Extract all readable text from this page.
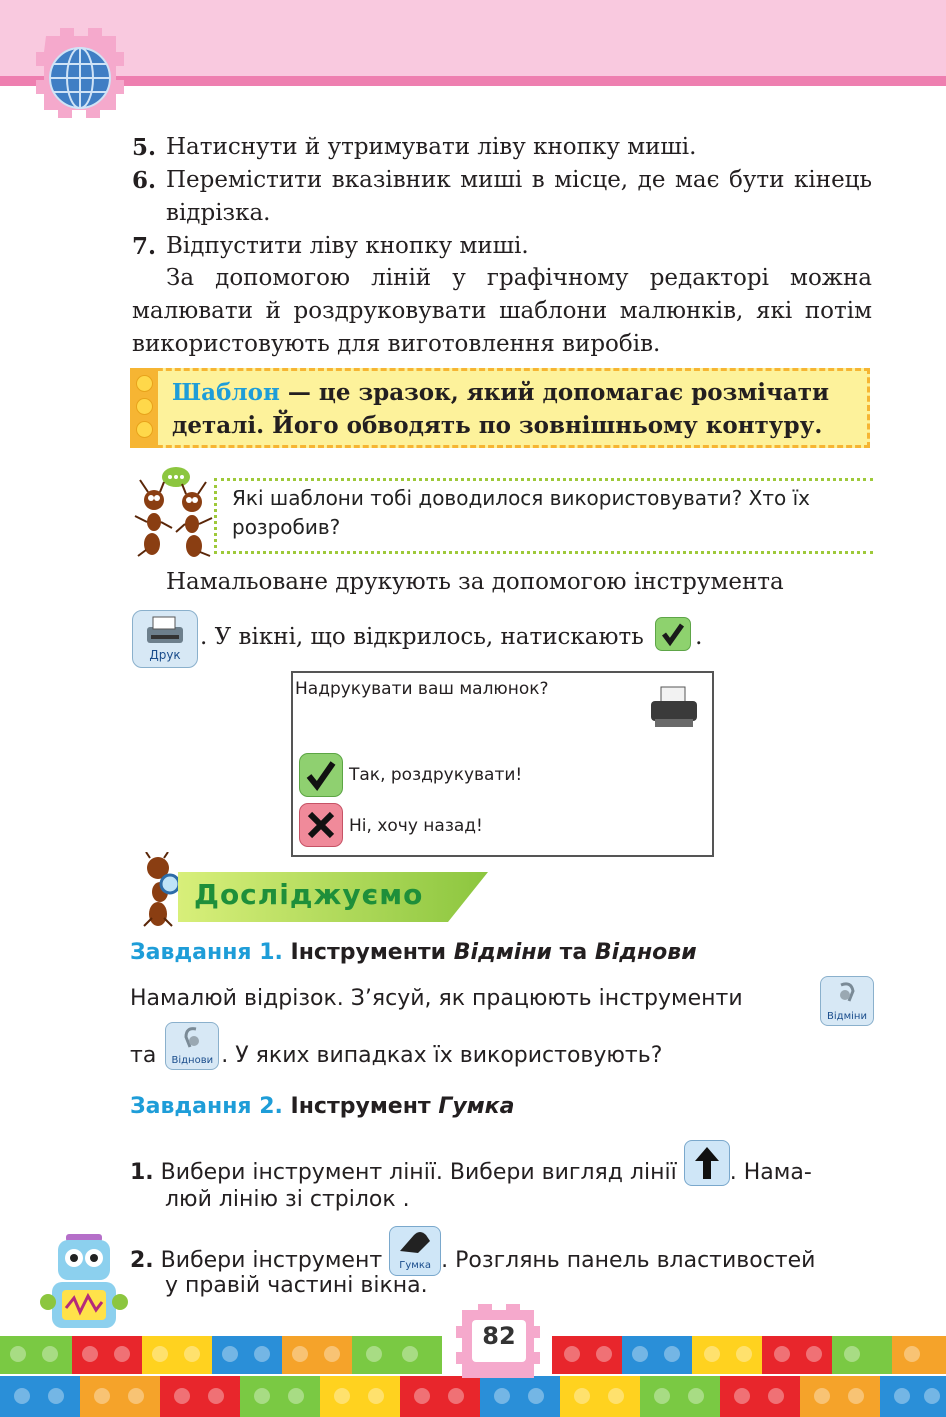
5. Натиснути й утримувати ліву кнопку миші.
6. Перемістити вказівник миші в місце, де має бути кінець відрізка.
7. Відпустити ліву кнопку миші.
За допомогою ліній у графічному редакторі можна малювати й роздруковувати шаблони малюнків, які потім використовують для виготовлення виробів.
Шаблон — це зразок, який допомагає розмічати деталі. Його обводять по зовнішньому контуру.
Які шаблони тобі доводилося використовувати? Хто їх розробив?
Намальоване друкують за допомогою інструмента
Друк
. У вікні, що відкрилось, натискають .
Надрукувати ваш малюнок?
Так, роздрукувати!
Ні, хочу назад!
Досліджуємо
Завдання 1. Інструменти Відміни та Віднови
Намалюй відрізок. З’ясуй, як працюють інструменти
Відміни
та	Віднови . У яких випадках їх використовують?
Завдання 2. Інструмент Гумка
1. Вибери інструмент лінії. Вибери вигляд лінії . Нама-
люй лінію зі стрілок .
2. Вибери інструмент	Гумка . Розглянь панель властивостей
у правій частині вікна.
82
